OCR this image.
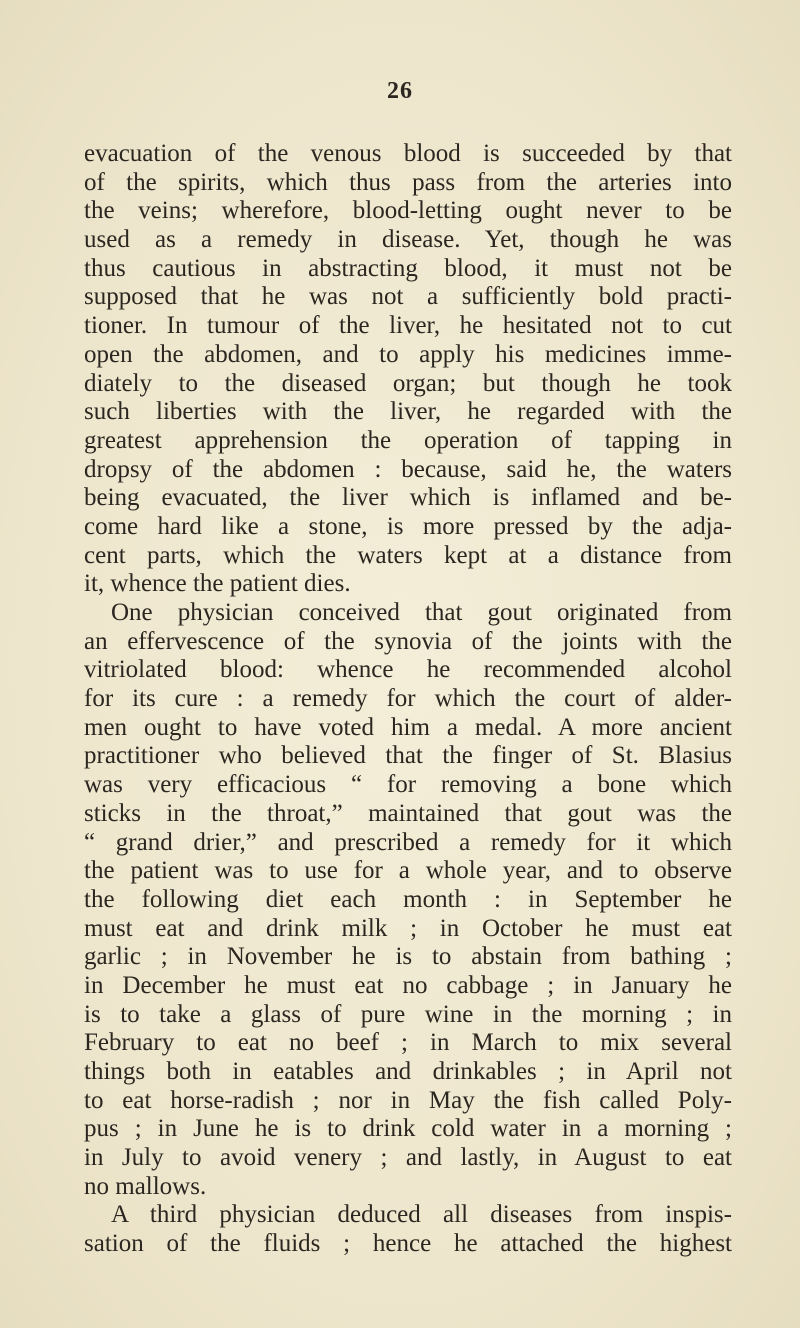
26
evacuation of the venous blood is succeeded by that
of the spirits, which thus pass from the arteries into
the veins; wherefore, blood-letting ought never to be
used as a remedy in disease. Yet, though he was
thus cautious in abstracting blood, it must not be
supposed that he was not a sufficiently bold practi-
tioner. In tumour of the liver, he hesitated not to cut
open the abdomen, and to apply his medicines imme-
diately to the diseased organ; but though he took
such liberties with the liver, he regarded with the
greatest apprehension the operation of tapping in
dropsy of the abdomen : because, said he, the waters
being evacuated, the liver which is inflamed and be-
come hard like a stone, is more pressed by the adja-
cent parts, which the waters kept at a distance from
it, whence the patient dies.
One physician conceived that gout originated from
an effervescence of the synovia of the joints with the
vitriolated blood: whence he recommended alcohol
for its cure : a remedy for which the court of alder-
men ought to have voted him a medal. A more ancient
practitioner who believed that the finger of St. Blasius
was very efficacious “ for removing a bone which
sticks in the throat,” maintained that gout was the
“ grand drier,” and prescribed a remedy for it which
the patient was to use for a whole year, and to observe
the following diet each month : in September he
must eat and drink milk ; in October he must eat
garlic ; in November he is to abstain from bathing ;
in December he must eat no cabbage ; in January he
is to take a glass of pure wine in the morning ; in
February to eat no beef ; in March to mix several
things both in eatables and drinkables ; in April not
to eat horse-radish ; nor in May the fish called Poly-
pus ; in June he is to drink cold water in a morning ;
in July to avoid venery ; and lastly, in August to eat
no mallows.
A third physician deduced all diseases from inspis-
sation of the fluids ; hence he attached the highest
